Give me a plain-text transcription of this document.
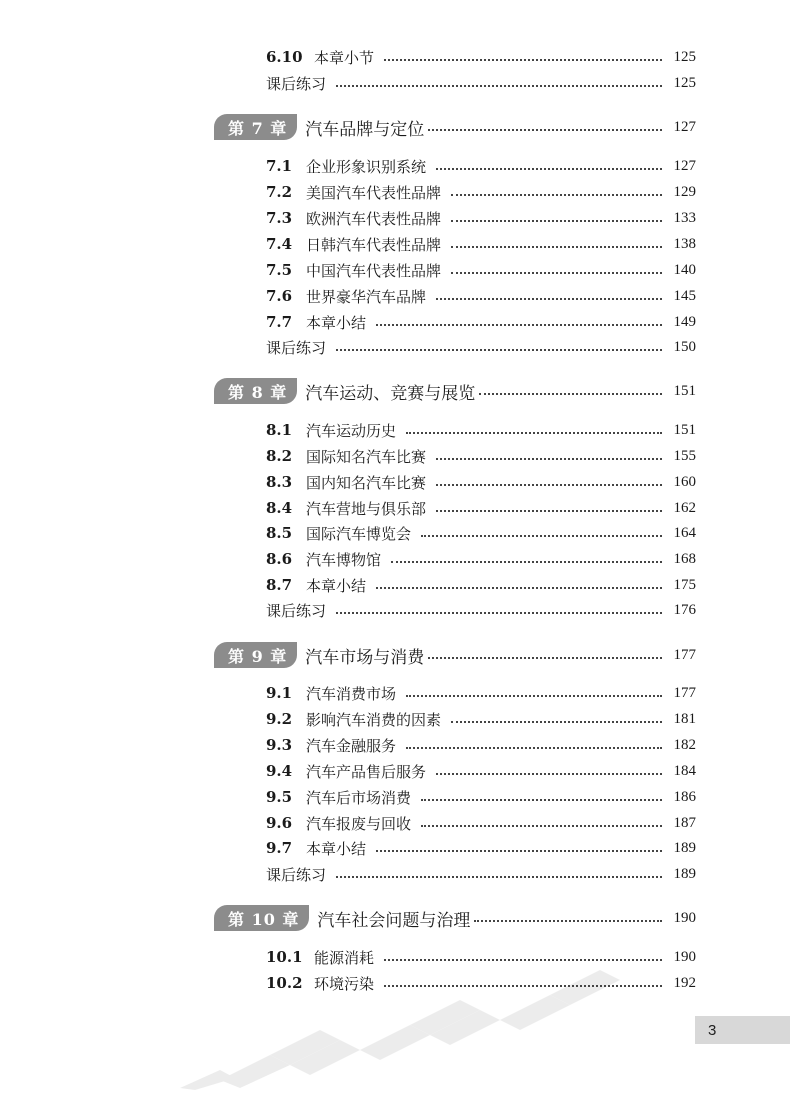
6.10 本章小节	125
课后练习	125
第 7 章	汽车品牌与定位	127
7.1 企业形象识别系统	127
7.2 美国汽车代表性品牌	129
7.3 欧洲汽车代表性品牌	133
7.4 日韩汽车代表性品牌	138
7.5 中国汽车代表性品牌	140
7.6 世界豪华汽车品牌	145
7.7 本章小结	149
课后练习	150
第 8 章	汽车运动、竞赛与展览	151
8.1 汽车运动历史	151
8.2 国际知名汽车比赛	155
8.3 国内知名汽车比赛	160
8.4 汽车营地与俱乐部	162
8.5 国际汽车博览会	164
8.6 汽车博物馆	168
8.7 本章小结	175
课后练习	176
第 9 章	汽车市场与消费	177
9.1 汽车消费市场	177
9.2 影响汽车消费的因素	181
9.3 汽车金融服务	182
9.4 汽车产品售后服务	184
9.5 汽车后市场消费	186
9.6 汽车报废与回收	187
9.7 本章小结	189
课后练习	189
第 10 章	汽车社会问题与治理	190
10.1 能源消耗	190
10.2 环境污染	192
3
